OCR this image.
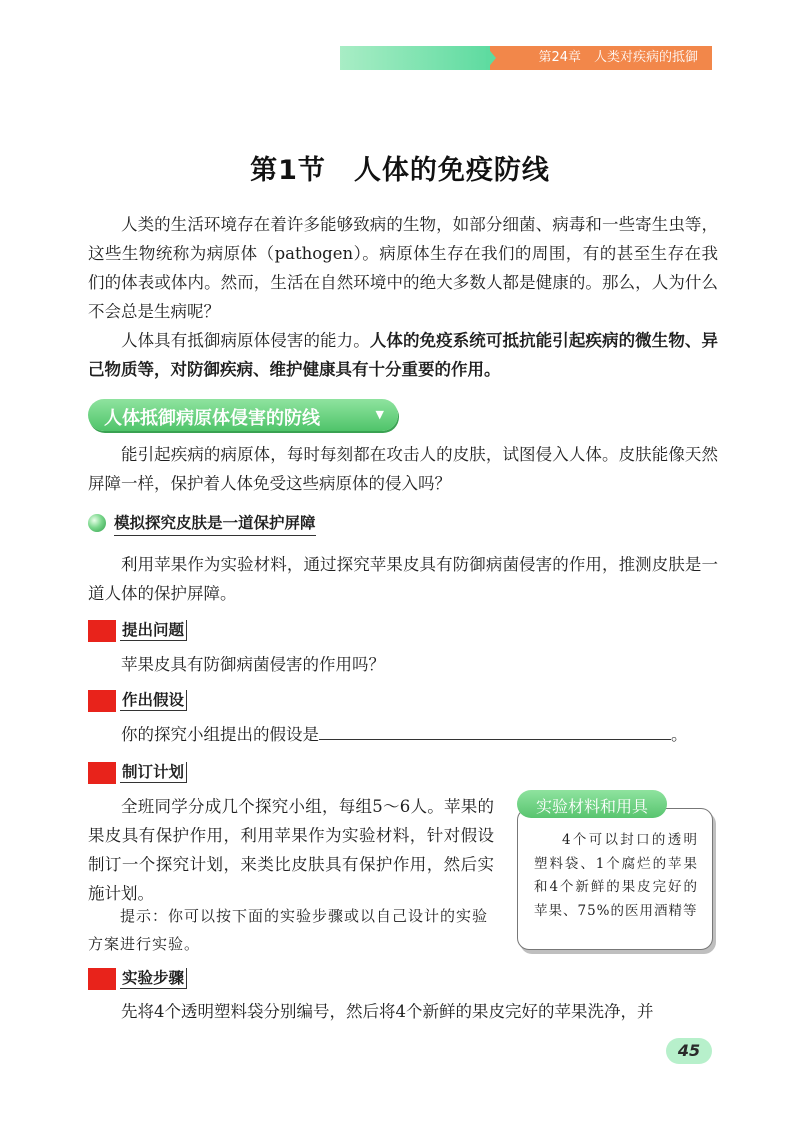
第24章　人类对疾病的抵御
第1节　人体的免疫防线
人类的生活环境存在着许多能够致病的生物，如部分细菌、病毒和一些寄生虫等，这些生物统称为病原体（pathogen）。病原体生存在我们的周围，有的甚至生存在我们的体表或体内。然而，生活在自然环境中的绝大多数人都是健康的。那么，人为什么不会总是生病呢？
人体具有抵御病原体侵害的能力。人体的免疫系统可抵抗能引起疾病的微生物、异己物质等，对防御疾病、维护健康具有十分重要的作用。
人体抵御病原体侵害的防线	▼
能引起疾病的病原体，每时每刻都在攻击人的皮肤，试图侵入人体。皮肤能像天然屏障一样，保护着人体免受这些病原体的侵入吗？
模拟探究皮肤是一道保护屏障
利用苹果作为实验材料，通过探究苹果皮具有防御病菌侵害的作用，推测皮肤是一道人体的保护屏障。
提出问题
苹果皮具有防御病菌侵害的作用吗？
作出假设
你的探究小组提出的假设是	。
制订计划
全班同学分成几个探究小组，每组5～6人。苹果的果皮具有保护作用，利用苹果作为实验材料，针对假设制订一个探究计划，来类比皮肤具有保护作用，然后实施计划。
提示：你可以按下面的实验步骤或以自己设计的实验方案进行实验。
实验材料和用具
4个可以封口的透明塑料袋、1个腐烂的苹果和4个新鲜的果皮完好的苹果、75%的医用酒精等
实验步骤
先将4个透明塑料袋分别编号，然后将4个新鲜的果皮完好的苹果洗净，并
45
